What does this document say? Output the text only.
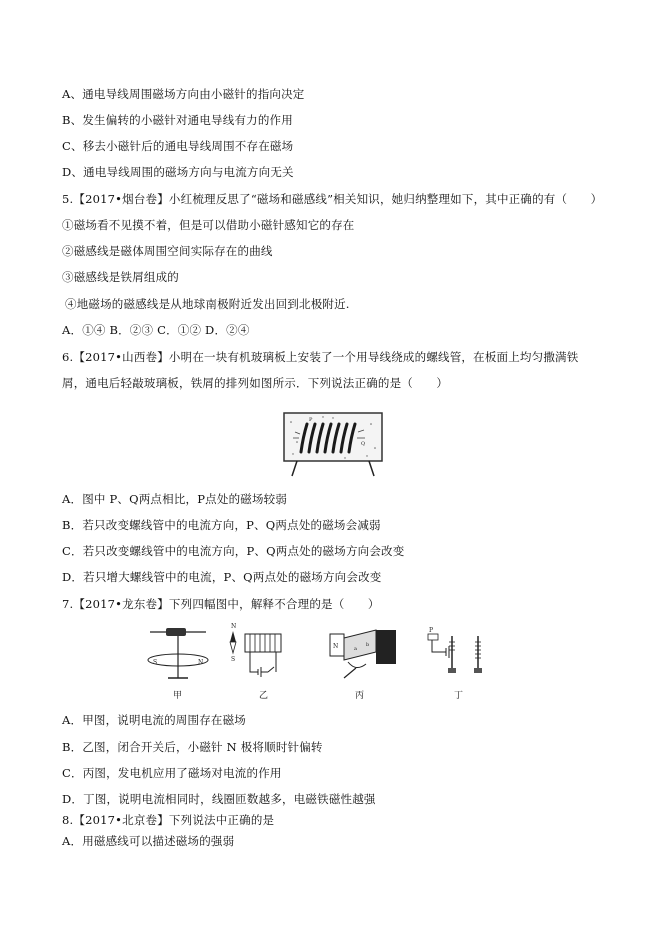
A、通电导线周围磁场方向由小磁针的指向决定
B、发生偏转的小磁针对通电导线有力的作用
C、移去小磁针后的通电导线周围不存在磁场
D、通电导线周围的磁场方向与电流方向无关
5.【2017•烟台卷】小红梳理反思了“磁场和磁感线”相关知识，她归纳整理如下，其中正确的有（　　）
①磁场看不见摸不着，但是可以借助小磁针感知它的存在
②磁感线是磁体周围空间实际存在的曲线
③磁感线是铁屑组成的
④地磁场的磁感线是从地球南极附近发出回到北极附近.
A．①④ B．②③ C．①② D．②④
6.【2017•山西卷】小明在一块有机玻璃板上安装了一个用导线绕成的螺线管，在板面上均匀撒满铁屑，通电后轻敲玻璃板，铁屑的排列如图所示．下列说法正确的是（　　）
P
Q
A．图中 P、Q两点相比，P点处的磁场较弱
B．若只改变螺线管中的电流方向，P、Q两点处的磁场会减弱
C．若只改变螺线管中的电流方向，P、Q两点处的磁场方向会改变
D．若只增大螺线管中的电流，P、Q两点处的磁场方向会改变
7.【2017•龙东卷】下列四幅图中，解释不合理的是（　　）
S	N
N
S
N	a
b
P
甲	乙	丙	丁
A．甲图，说明电流的周围存在磁场
B．乙图，闭合开关后，小磁针 N 极将顺时针偏转
C．丙图，发电机应用了磁场对电流的作用
D．丁图，说明电流相同时，线圈匝数越多，电磁铁磁性越强
8.【2017•北京卷】下列说法中正确的是
A．用磁感线可以描述磁场的强弱
